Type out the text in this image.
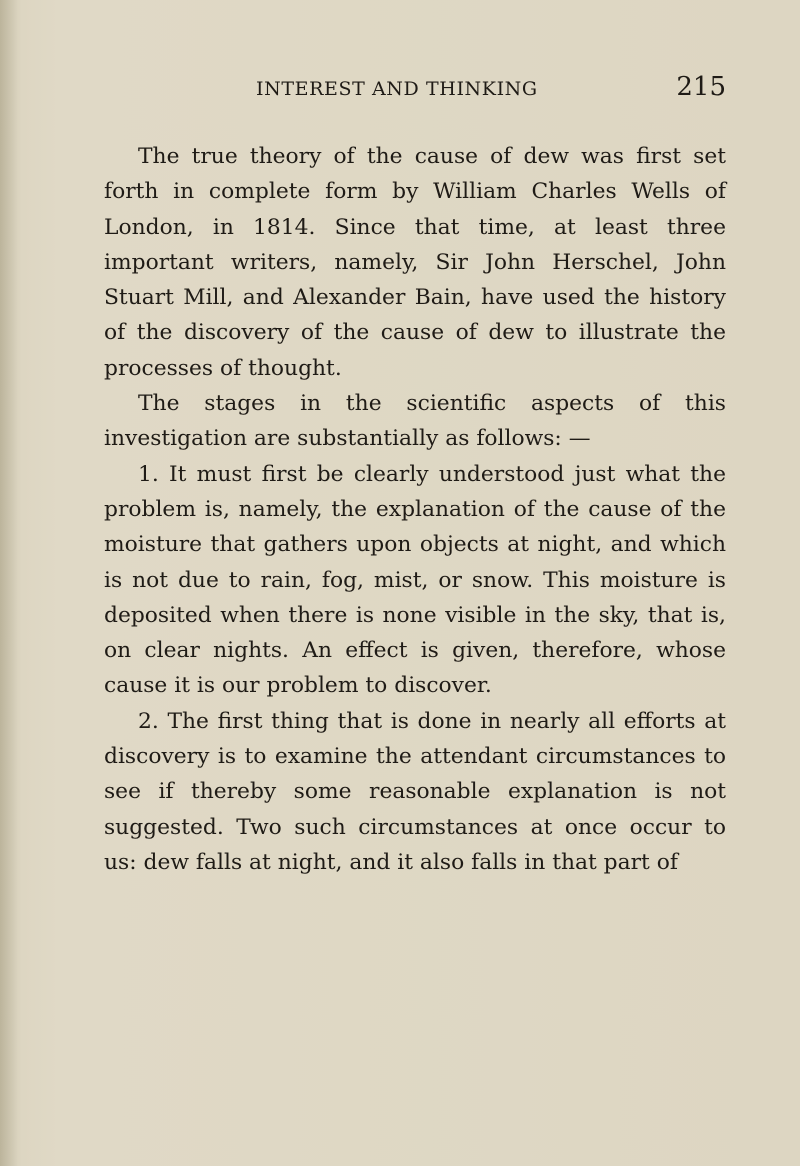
INTEREST AND THINKING	215

The true theory of the cause of dew was first set forth in complete form by William Charles Wells of London, in 1814. Since that time, at least three important writers, namely, Sir John Herschel, John Stuart Mill, and Alexander Bain, have used the history of the discovery of the cause of dew to illustrate the processes of thought.

The stages in the scientific aspects of this investigation are substantially as follows: —

1. It must first be clearly understood just what the problem is, namely, the explanation of the cause of the moisture that gathers upon objects at night, and which is not due to rain, fog, mist, or snow. This moisture is deposited when there is none visible in the sky, that is, on clear nights. An effect is given, therefore, whose cause it is our problem to discover.

2. The first thing that is done in nearly all efforts at discovery is to examine the attendant circumstances to see if thereby some reasonable explanation is not suggested. Two such circumstances at once occur to us: dew falls at night, and it also falls in that part of
